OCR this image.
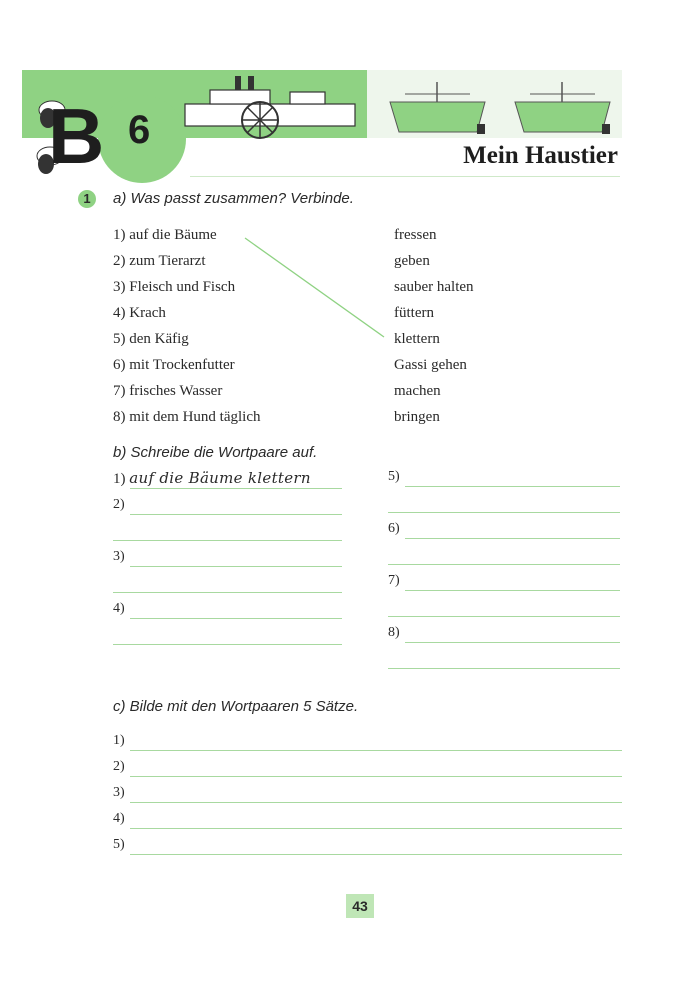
B 6
Mein Haustier
1	a) Was passt zusammen? Verbinde.
1) auf die Bäume
2) zum Tierarzt
3) Fleisch und Fisch
4) Krach
5) den Käfig
6) mit Trockenfutter
7) frisches Wasser
8) mit dem Hund täglich
fressen
geben
sauber halten
füttern
klettern
Gassi gehen
machen
bringen
b) Schreibe die Wortpaare auf.
1) auf die Bäume klettern
2)
3)
4)
5)
6)
7)
8)
c) Bilde mit den Wortpaaren 5 Sätze.
1)
2)
3)
4)
5)
43
